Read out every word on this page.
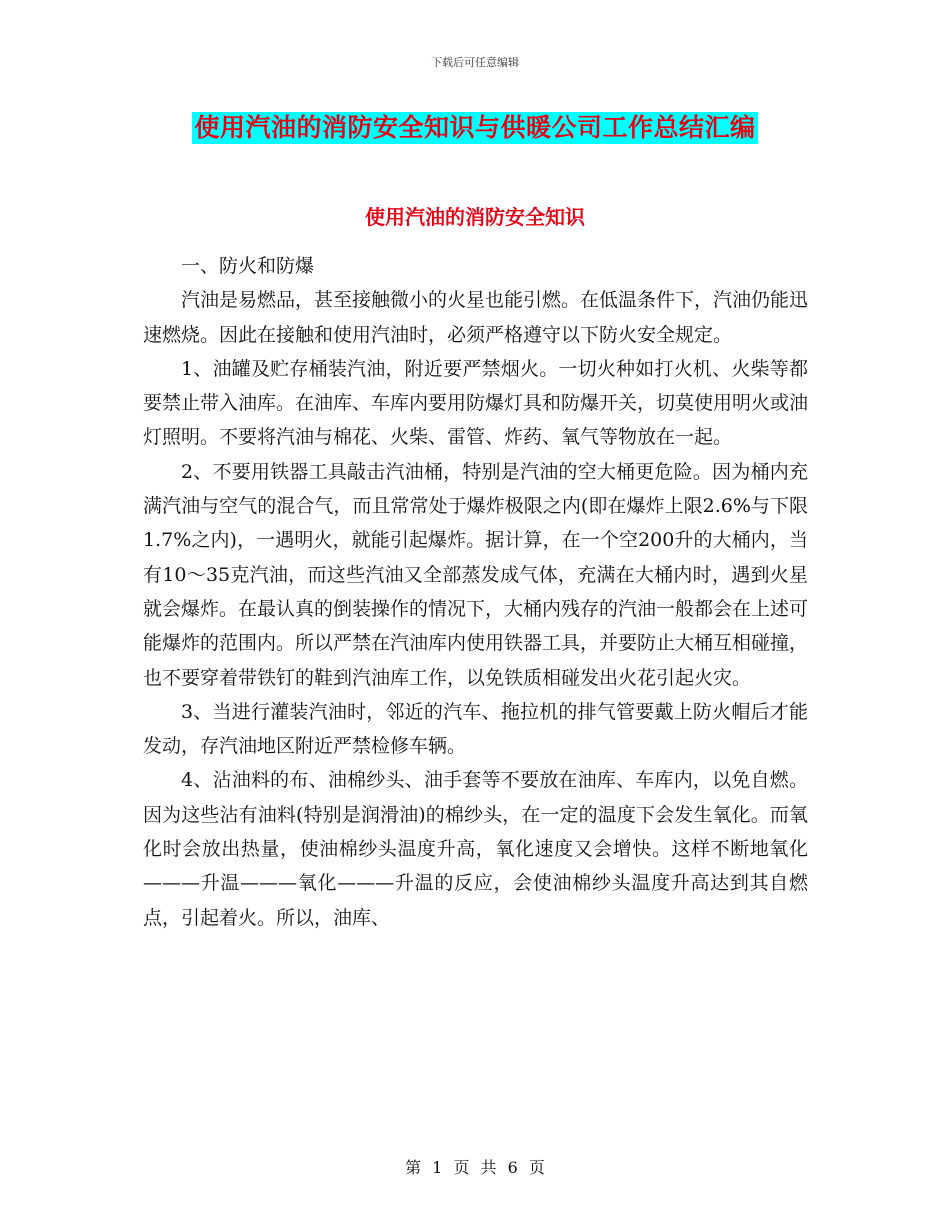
下载后可任意编辑
使用汽油的消防安全知识与供暖公司工作总结汇编
使用汽油的消防安全知识

一、防火和防爆

汽油是易燃品，甚至接触微小的火星也能引燃。在低温条件下，汽油仍能迅速燃烧。因此在接触和使用汽油时，必须严格遵守以下防火安全规定。

1、油罐及贮存桶装汽油，附近要严禁烟火。一切火种如打火机、火柴等都要禁止带入油库。在油库、车库内要用防爆灯具和防爆开关，切莫使用明火或油灯照明。不要将汽油与棉花、火柴、雷管、炸药、氧气等物放在一起。

2、不要用铁器工具敲击汽油桶，特别是汽油的空大桶更危险。因为桶内充满汽油与空气的混合气，而且常常处于爆炸极限之内(即在爆炸上限2.6%与下限1.7%之内)，一遇明火，就能引起爆炸。据计算，在一个空200升的大桶内，当有10～35克汽油，而这些汽油又全部蒸发成气体，充满在大桶内时，遇到火星就会爆炸。在最认真的倒装操作的情况下，大桶内残存的汽油一般都会在上述可能爆炸的范围内。所以严禁在汽油库内使用铁器工具，并要防止大桶互相碰撞，也不要穿着带铁钉的鞋到汽油库工作，以免铁质相碰发出火花引起火灾。

3、当进行灌装汽油时，邻近的汽车、拖拉机的排气管要戴上防火帽后才能发动，存汽油地区附近严禁检修车辆。

4、沾油料的布、油棉纱头、油手套等不要放在油库、车库内，以免自燃。因为这些沾有油料(特别是润滑油)的棉纱头，在一定的温度下会发生氧化。而氧化时会放出热量，使油棉纱头温度升高，氧化速度又会增快。这样不断地氧化———升温———氧化———升温的反应，会使油棉纱头温度升高达到其自燃点，引起着火。所以，油库、

第 1 页 共 6 页
